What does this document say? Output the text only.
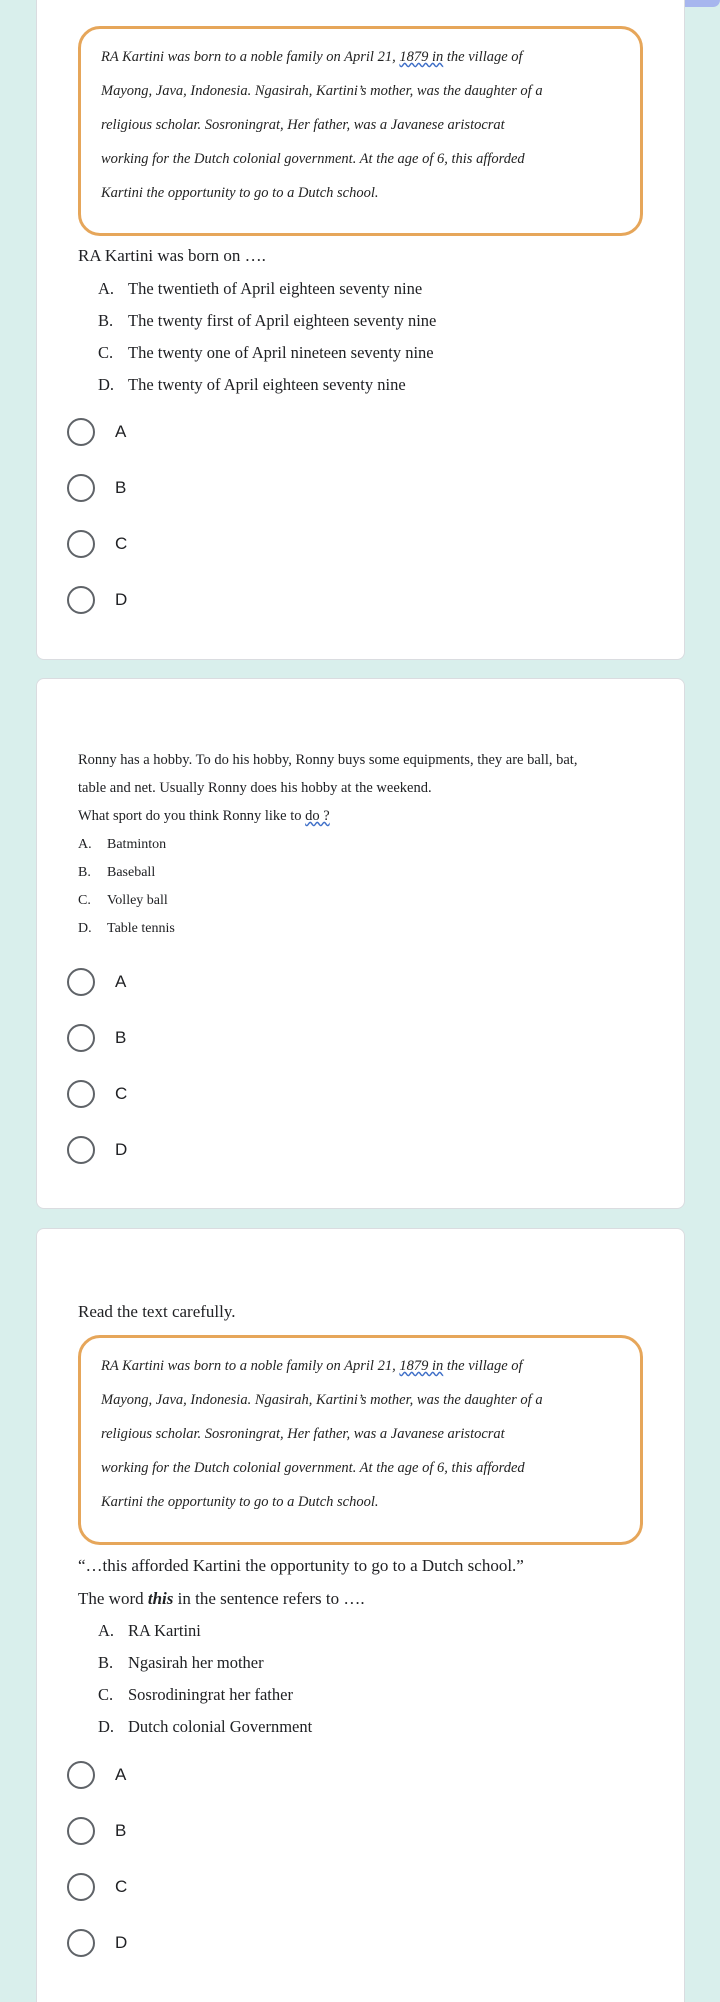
RA Kartini was born to a noble family on April 21, 1879 in the village of

Mayong, Java, Indonesia. Ngasirah, Kartini’s mother, was the daughter of a

religious scholar. Sosroningrat, Her father, was a Javanese aristocrat

working for the Dutch colonial government. At the age of 6, this afforded

Kartini the opportunity to go to a Dutch school.

RA Kartini was born on ….
A. The twentieth of April eighteen seventy nine
B. The twenty first of April eighteen seventy nine
C. The twenty one of April nineteen seventy nine
D. The twenty of April eighteen seventy nine
A
B
C
D
Ronny has a hobby. To do his hobby, Ronny buys some equipments, they are ball, bat,
table and net. Usually Ronny does his hobby at the weekend.
What sport do you think Ronny like to do ?
A. Batminton
B. Baseball
C. Volley ball
D. Table tennis
A
B
C
D
Read the text carefully.

RA Kartini was born to a noble family on April 21, 1879 in the village of

Mayong, Java, Indonesia. Ngasirah, Kartini’s mother, was the daughter of a

religious scholar. Sosroningrat, Her father, was a Javanese aristocrat

working for the Dutch colonial government. At the age of 6, this afforded

Kartini the opportunity to go to a Dutch school.

“…this afforded Kartini the opportunity to go to a Dutch school.”
The word this in the sentence refers to ….
A. RA Kartini
B. Ngasirah her mother
C. Sosrodiningrat her father
D. Dutch colonial Government
A
B
C
D
